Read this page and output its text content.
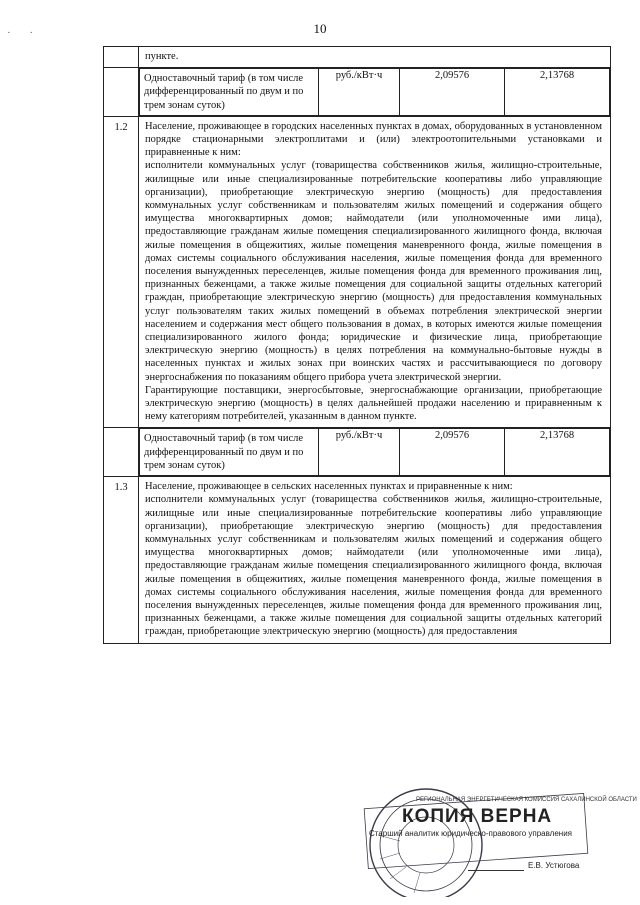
10
· ·

пункте.

Одноставочный тариф (в том числе дифференцированный по двум и по трем зонам суток)	руб./кВт·ч	2,09576	2,13768

1.2	Население, проживающее в городских населенных пунктах в домах, оборудованных в установленном порядке стационарными электроплитами и (или) электроотопительными установками и приравненные к ним:

исполнители коммунальных услуг (товарищества собственников жилья, жилищно-строительные, жилищные или иные специализированные потребительские кооперативы либо управляющие организации), приобретающие электрическую энергию (мощность) для предоставления коммунальных услуг собственникам и пользователям жилых помещений и содержания общего имущества многоквартирных домов; наймодатели (или уполномоченные ими лица), предоставляющие гражданам жилые помещения специализированного жилищного фонда, включая жилые помещения в общежитиях, жилые помещения маневренного фонда, жилые помещения в домах системы социального обслуживания населения, жилые помещения фонда для временного поселения вынужденных переселенцев, жилые помещения фонда для временного проживания лиц, признанных беженцами, а также жилые помещения для социальной защиты отдельных категорий граждан, приобретающие электрическую энергию (мощность) для предоставления коммунальных услуг пользователям таких жилых помещений в объемах потребления электрической энергии населением и содержания мест общего пользования в домах, в которых имеются жилые помещения специализированного жилого фонда; юридические и физические лица, приобретающие электрическую энергию (мощность) в целях потребления на коммунально-бытовые нужды в населенных пунктах и жилых зонах при воинских частях и рассчитывающиеся по договору энергоснабжения по показаниям общего прибора учета электрической энергии.

Гарантирующие поставщики, энергосбытовые, энергоснабжающие организации, приобретающие электрическую энергию (мощность) в целях дальнейшей продажи населению и приравненным к нему категориям потребителей, указанным в данном пункте.

Одноставочный тариф (в том числе дифференцированный по двум и по трем зонам суток)	руб./кВт·ч	2,09576	2,13768

1.3	Население, проживающее в сельских населенных пунктах и приравненные к ним:

исполнители коммунальных услуг (товарищества собственников жилья, жилищно-строительные, жилищные или иные специализированные потребительские кооперативы либо управляющие организации), приобретающие электрическую энергию (мощность) для предоставления коммунальных услуг собственникам и пользователям жилых помещений и содержания общего имущества многоквартирных домов; наймодатели (или уполномоченные ими лица), предоставляющие гражданам жилые помещения специализированного жилищного фонда, включая жилые помещения в общежитиях, жилые помещения маневренного фонда, жилые помещения в домах системы социального обслуживания населения, жилые помещения фонда для временного поселения вынужденных переселенцев, жилые помещения фонда для временного проживания лиц, признанных беженцами, а также жилые помещения для социальной защиты отдельных категорий граждан, приобретающие электрическую энергию (мощность) для предоставления

РЕГИОНАЛЬНАЯ ЭНЕРГЕТИЧЕСКАЯ КОМИССИЯ САХАЛИНСКОЙ ОБЛАСТИ
КОПИЯ ВЕРНА
Старший аналитик юридическо-правового управления
Е.В. Устюгова
